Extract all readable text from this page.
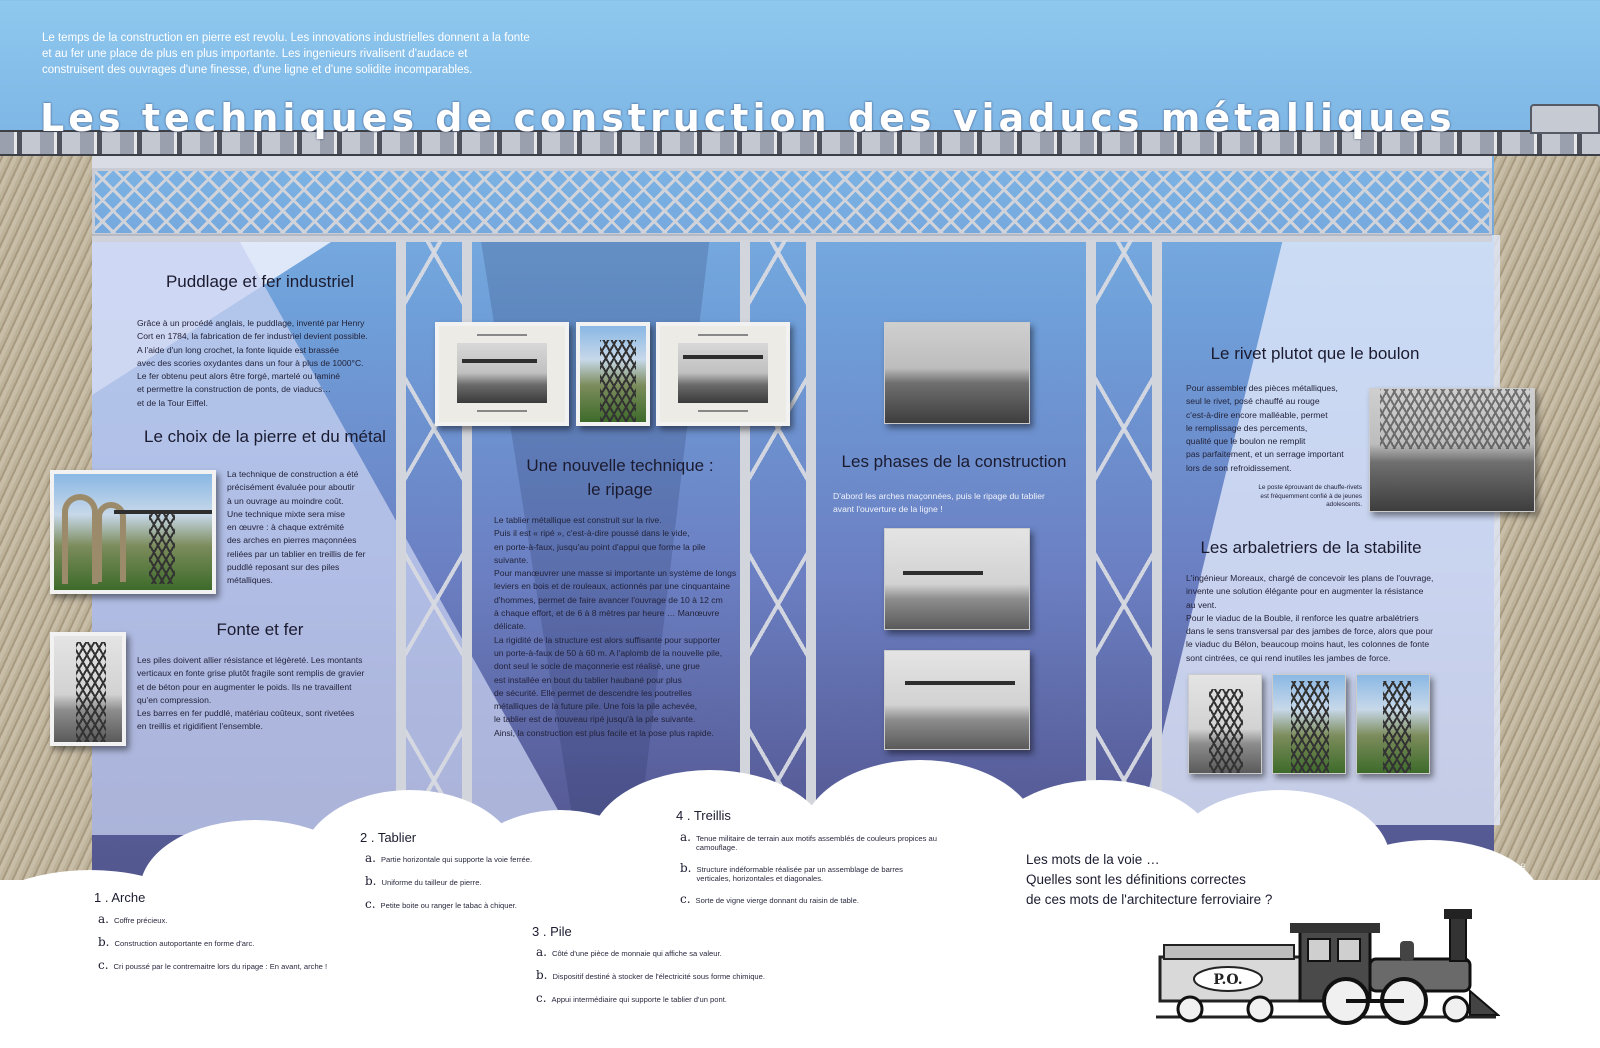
Le temps de la construction en pierre est revolu. Les innovations industrielles donnent a la fonte et au fer une place de plus en plus importante. Les ingenieurs rivalisent d'audace et construisent des ouvrages d'une finesse, d'une ligne et d'une solidite incomparables.

Les techniques de construction des viaducs métalliques
Puddlage et fer industriel
Grâce à un procédé anglais, le puddlage, inventé par Henry
Cort en 1784, la fabrication de fer industriel devient possible.
A l'aide d'un long crochet, la fonte liquide est brassée
avec des scories oxydantes dans un four à plus de 1000°C.
Le fer obtenu peut alors être forgé, martelé ou laminé
et permettre la construction de ponts, de viaducs…
et de la Tour Eiffel.
Le choix de la pierre et du métal
La technique de construction a été
précisément évaluée pour aboutir
à un ouvrage au moindre coût.
Une technique mixte sera mise
en œuvre : à chaque extrémité
des arches en pierres maçonnées
reliées par un tablier en treillis de fer
puddlé reposant sur des piles
métalliques.
Fonte et fer
Les piles doivent allier résistance et légèreté. Les montants
verticaux en fonte grise plutôt fragile sont remplis de gravier
et de béton pour en augmenter le poids. Ils ne travaillent
qu'en compression.
Les barres en fer puddlé, matériau coûteux, sont rivetées
en treillis et rigidifient l'ensemble.
Une nouvelle technique :
le ripage
Le tablier métallique est construit sur la rive.
Puis il est « ripé », c'est-à-dire poussé dans le vide,
en porte-à-faux, jusqu'au point d'appui que forme la pile
suivante.
Pour manœuvrer une masse si importante un système de longs
leviers en bois et de rouleaux, actionnés par une cinquantaine
d'hommes, permet de faire avancer l'ouvrage de 10 à 12 cm
à chaque effort, et de 6 à 8 mètres par heure … Manœuvre
délicate.
La rigidité de la structure est alors suffisante pour supporter
un porte-à-faux de 50 à 60 m. A l'aplomb de la nouvelle pile,
dont seul le socle de maçonnerie est réalisé, une grue
est installée en bout du tablier haubané pour plus
de sécurité. Elle permet de descendre les poutrelles
métalliques de la future pile. Une fois la pile achevée,
le tablier est de nouveau ripé jusqu'à la pile suivante.
Ainsi, la construction est plus facile et la pose plus rapide.
Les phases de la construction
D'abord les arches maçonnées, puis le ripage du tablier
avant l'ouverture de la ligne !
Le rivet plutot que le boulon
Pour assembler des pièces métalliques,
seul le rivet, posé chauffé au rouge
c'est-à-dire encore malléable, permet
le remplissage des percements,
qualité que le boulon ne remplit
pas parfaitement, et un serrage important
lors de son refroidissement.
Le poste éprouvant de chauffe-rivets
est fréquemment confié à de jeunes
adolescents.
Les arbaletriers de la stabilite
L'ingénieur Moreaux, chargé de concevoir les plans de l'ouvrage,
invente une solution élégante pour en augmenter la résistance
au vent.
Pour le viaduc de la Bouble, il renforce les quatre arbalétriers
dans le sens transversal par des jambes de force, alors que pour
le viaduc du Bélon, beaucoup moins haut, les colonnes de fonte
sont cintrées, ce qui rend inutiles les jambes de force.
Les mots de la voie …
Quelles sont les définitions correctes
de ces mots de l'architecture ferroviaire ?	Réponses : 1b - 2a - 3c - 4b
1 . Arche
a. Coffre précieux.
b. Construction autoportante en forme d'arc.
c. Cri poussé par le contremaitre lors du ripage : En avant, arche !
2 . Tablier
a. Partie horizontale qui supporte la voie ferrée.
b. Uniforme du tailleur de pierre.
c. Petite boite ou ranger le tabac à chiquer.
3 . Pile
a. Côté d'une pièce de monnaie qui affiche sa valeur.
b. Dispositif destiné à stocker de l'électricité sous forme chimique.
c. Appui intermédiaire qui supporte le tablier d'un pont.
4 . Treillis
a. Tenue militaire de terrain aux motifs assemblés de couleurs propices au camouflage.
b. Structure indéformable réalisée par un assemblage de barres verticales, horizontales et diagonales.
c. Sorte de vigne vierge donnant du raisin de table.
P.O.
